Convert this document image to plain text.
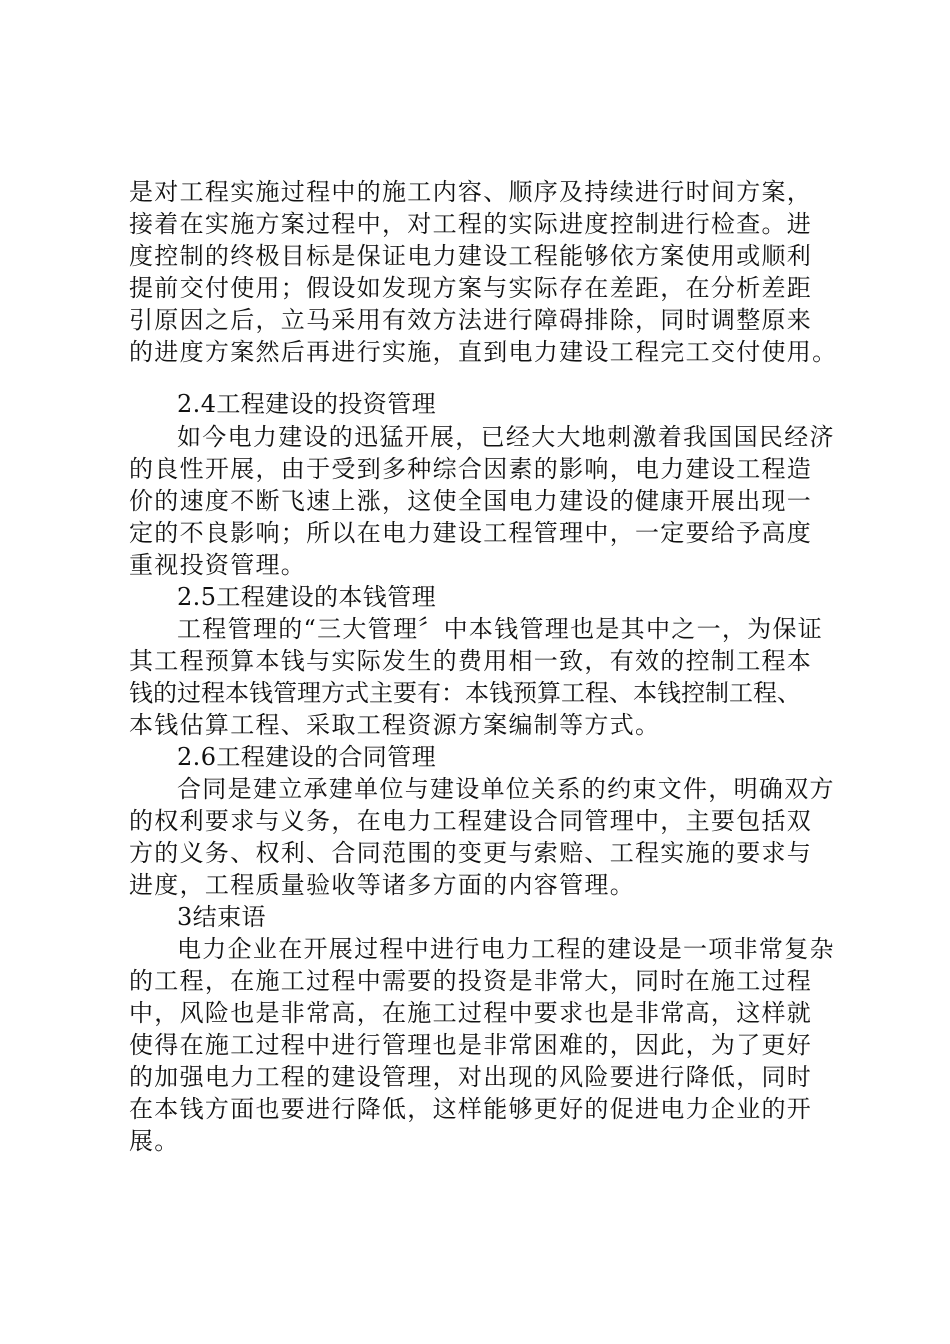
是对工程实施过程中的施工内容、顺序及持续进行时间方案，
接着在实施方案过程中，对工程的实际进度控制进行检查。进
度控制的终极目标是保证电力建设工程能够依方案使用或顺利
提前交付使用；假设如发现方案与实际存在差距，在分析差距
引原因之后，立马采用有效方法进行障碍排除，同时调整原来
的进度方案然后再进行实施，直到电力建设工程完工交付使用。
2.4工程建设的投资管理
如今电力建设的迅猛开展，已经大大地刺激着我国国民经济
的良性开展，由于受到多种综合因素的影响，电力建设工程造
价的速度不断飞速上涨，这使全国电力建设的健康开展出现一
定的不良影响；所以在电力建设工程管理中，一定要给予高度
重视投资管理。
2.5工程建设的本钱管理
工程管理的“三大管理〞中本钱管理也是其中之一，为保证
其工程预算本钱与实际发生的费用相一致，有效的控制工程本
钱的过程本钱管理方式主要有：本钱预算工程、本钱控制工程、
本钱估算工程、采取工程资源方案编制等方式。
2.6工程建设的合同管理
合同是建立承建单位与建设单位关系的约束文件，明确双方
的权利要求与义务，在电力工程建设合同管理中，主要包括双
方的义务、权利、合同范围的变更与索赔、工程实施的要求与
进度，工程质量验收等诸多方面的内容管理。
3结束语
电力企业在开展过程中进行电力工程的建设是一项非常复杂
的工程，在施工过程中需要的投资是非常大，同时在施工过程
中，风险也是非常高，在施工过程中要求也是非常高，这样就
使得在施工过程中进行管理也是非常困难的，因此，为了更好
的加强电力工程的建设管理，对出现的风险要进行降低，同时
在本钱方面也要进行降低，这样能够更好的促进电力企业的开
展。
